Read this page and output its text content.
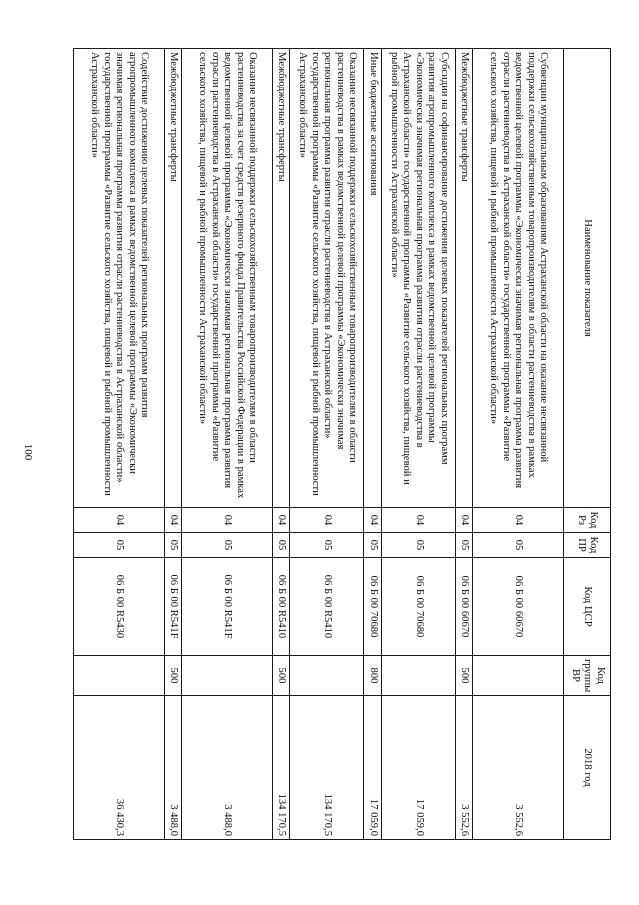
100
Наименование показателя	Код Рз	Код ПР	Код ЦСР	Код группы ВР	2018 год
Субвенции муниципальным образованиям Астраханской области на оказание несвязанной поддержки сельскохозяйственным товаропроизводителям в области растениеводства в рамках ведомственной целевой программы «Экономически значимая региональная программа развития отрасли растениеводства в Астраханской области» государственной программы «Развитие сельского хозяйства, пищевой и рыбной промышленности Астраханской области»	04	05	06 Б 00 60670		3 552,6
Межбюджетные трансферты	04	05	06 Б 00 60670	500	3 552,6
Субсидии на софинансирование достижения целевых показателей региональных программ развития агропромышленного комплекса в рамках ведомственной целевой программы «Экономически значимая региональная программа развития отрасли растениеводства в Астраханской области» государственной программы «Развитие сельского хозяйства, пищевой и рыбной промышленности Астраханской области»	04	05	06 Б 00 70680		17 059,0
Иные бюджетные ассигнования	04	05	06 Б 00 70680	800	17 059,0
Оказание несвязанной поддержки сельскохозяйственным товаропроизводителям в области растениеводства в рамках ведомственной целевой программы «Экономически значимая региональная программа развития отрасли растениеводства в Астраханской области» государственной программы «Развитие сельского хозяйства, пищевой и рыбной промышленности Астраханской области»	04	05	06 Б 00 R5410		134 170,5
Межбюджетные трансферты	04	05	06 Б 00 R5410	500	134 170,5
Оказание несвязанной поддержки сельскохозяйственным товаропроизводителям в области растениеводства за счет средств резервного фонда Правительства Российской Федерации в рамках ведомственной целевой программы «Экономически значимая региональная программа развития отрасли растениеводства в Астраханской области» государственной программы «Развитие сельского хозяйства, пищевой и рыбной промышленности Астраханской области»	04	05	06 Б 00 R541F		3 488,0
Межбюджетные трансферты	04	05	06 Б 00 R541F	500	3 488,0
Содействие достижению целевых показателей региональных программ развития агропромышленного комплекса в рамках ведомственной целевой программы «Экономически значимая региональная программа развития отрасли растениеводства в Астраханской области» государственной программы «Развитие сельского хозяйства, пищевой и рыбной промышленности Астраханской области»	04	05	06 Б 00 R5430		36 430,3
